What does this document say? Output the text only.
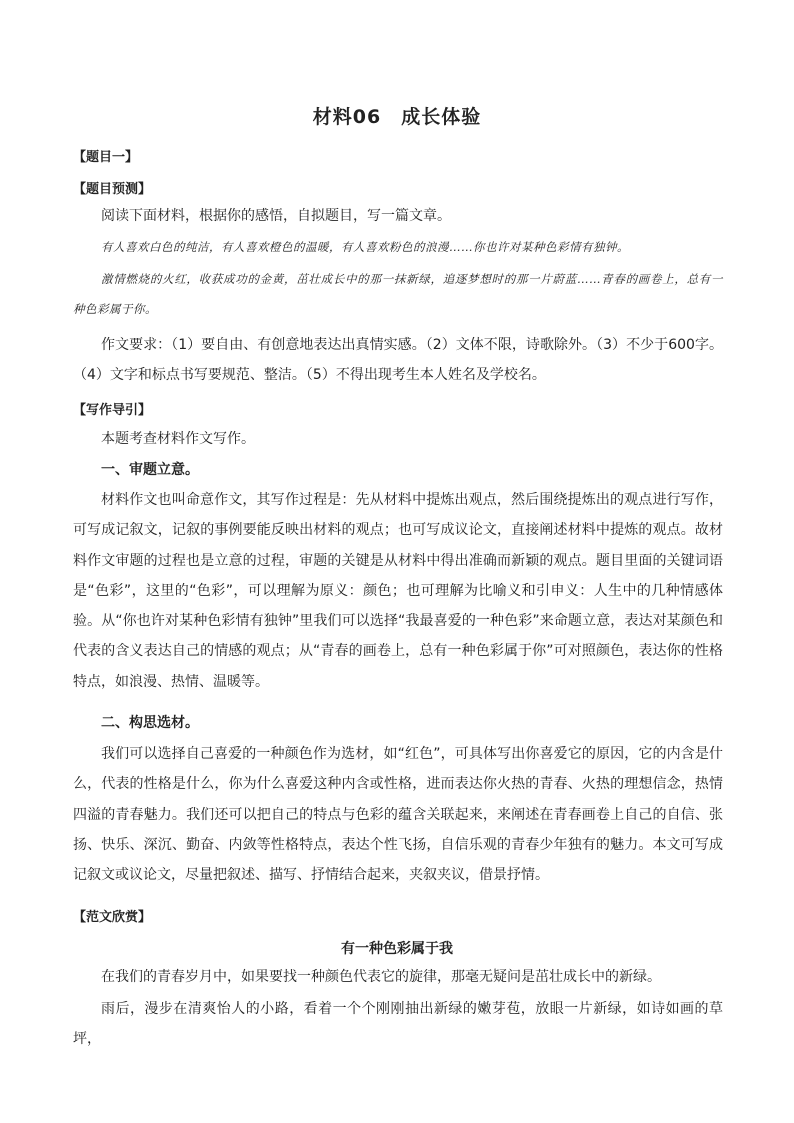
材料06　成长体验
【题目一】
【题目预测】

阅读下面材料，根据你的感悟，自拟题目，写一篇文章。

有人喜欢白色的纯洁，有人喜欢橙色的温暖，有人喜欢粉色的浪漫……你也许对某种色彩情有独钟。

激情燃烧的火红，收获成功的金黄，茁壮成长中的那一抹新绿，追逐梦想时的那一片蔚蓝……青春的画卷上，总有一种色彩属于你。

作文要求：（1）要自由、有创意地表达出真情实感。（2）文体不限，诗歌除外。（3）不少于600字。（4）文字和标点书写要规范、整洁。（5）不得出现考生本人姓名及学校名。

【写作导引】

本题考查材料作文写作。

一、审题立意。

材料作文也叫命意作文，其写作过程是：先从材料中提炼出观点，然后围绕提炼出的观点进行写作，可写成记叙文，记叙的事例要能反映出材料的观点；也可写成议论文，直接阐述材料中提炼的观点。故材料作文审题的过程也是立意的过程，审题的关键是从材料中得出准确而新颖的观点。题目里面的关键词语是“色彩”，这里的“色彩”，可以理解为原义：颜色；也可理解为比喻义和引申义：人生中的几种情感体验。从“你也许对某种色彩情有独钟”里我们可以选择“我最喜爱的一种色彩”来命题立意，表达对某颜色和代表的含义表达自己的情感的观点；从“青春的画卷上，总有一种色彩属于你”可对照颜色，表达你的性格特点，如浪漫、热情、温暖等。

二、构思选材。

我们可以选择自己喜爱的一种颜色作为选材，如“红色”，可具体写出你喜爱它的原因，它的内含是什么，代表的性格是什么，你为什么喜爱这种内含或性格，进而表达你火热的青春、火热的理想信念，热情四溢的青春魅力。我们还可以把自己的特点与色彩的蕴含关联起来，来阐述在青春画卷上自己的自信、张扬、快乐、深沉、勤奋、内敛等性格特点，表达个性飞扬，自信乐观的青春少年独有的魅力。本文可写成记叙文或议论文，尽量把叙述、描写、抒情结合起来，夹叙夹议，借景抒情。

【范文欣赏】
有一种色彩属于我

在我们的青春岁月中，如果要找一种颜色代表它的旋律，那毫无疑问是茁壮成长中的新绿。

雨后，漫步在清爽怡人的小路，看着一个个刚刚抽出新绿的嫩芽苞，放眼一片新绿，如诗如画的草坪，
